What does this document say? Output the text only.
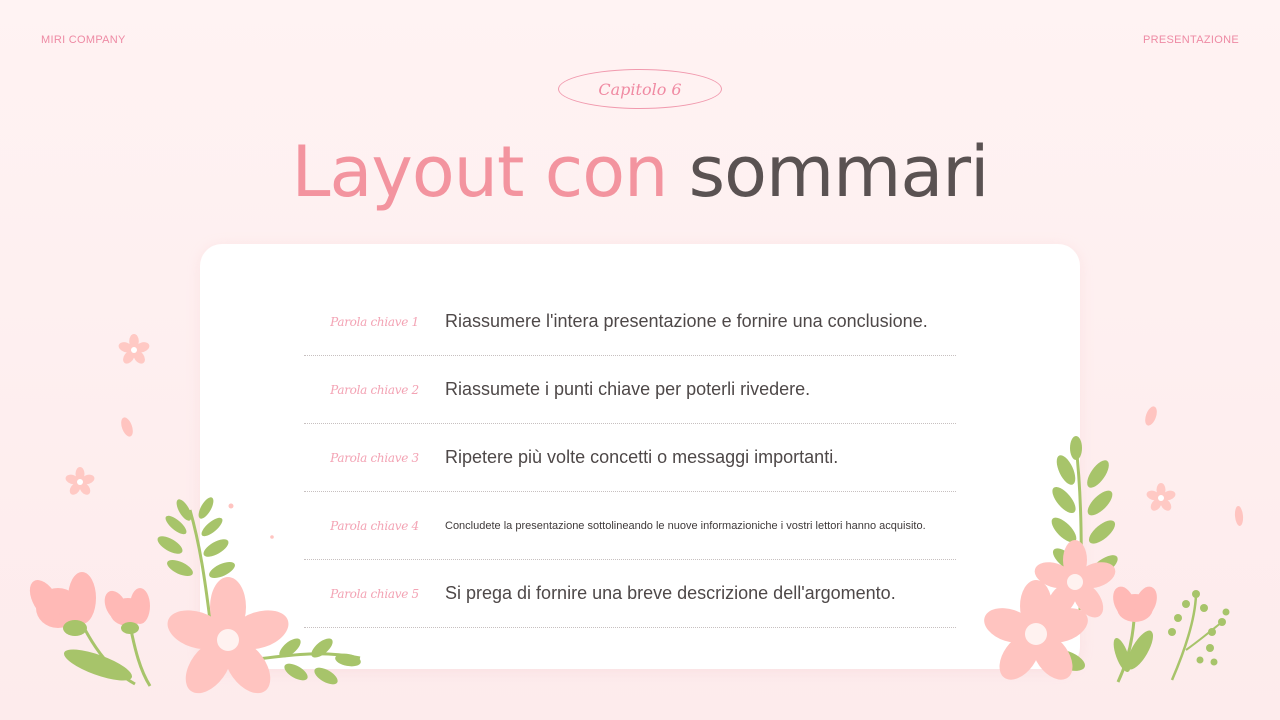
MIRI COMPANY	PRESENTAZIONE
Capitolo 6
Layout con sommari
Parola chiave 1	Riassumere l'intera presentazione e fornire una conclusione.
Parola chiave 2	Riassumete i punti chiave per poterli rivedere.
Parola chiave 3	Ripetere più volte concetti o messaggi importanti.
Parola chiave 4	Concludete la presentazione sottolineando le nuove informazioniche i vostri lettori hanno acquisito.
Parola chiave 5	Si prega di fornire una breve descrizione dell'argomento.
